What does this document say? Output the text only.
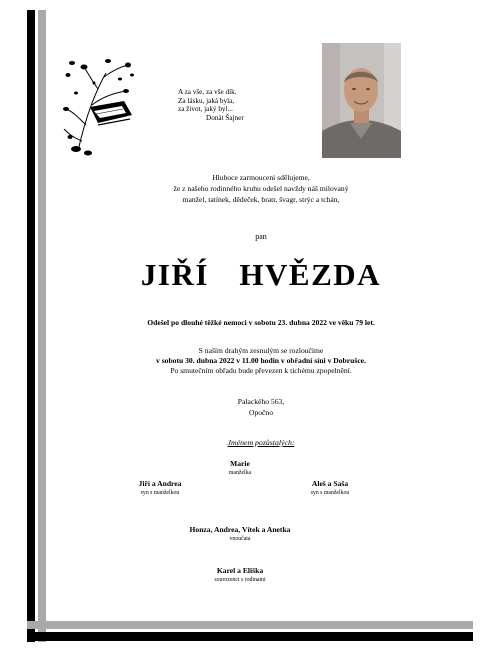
A za vše, za vše dík.
Za lásku, jaká byla,
za život, jaký byl...
Donát Šajner
Hluboce zarmouceni sdělujeme,
že z našeho rodinného kruhu odešel navždy náš milovaný
manžel, tatínek, dědeček, bratr, švagr, strýc a tchán,
pan
JIŘÍ  HVĚZDA
Odešel po dlouhé těžké nemoci v sobotu 23. dubna 2022 ve věku 79 let.
S naším drahým zesnulým se rozloučíme
v sobotu 30. dubna 2022 v 11.00 hodin v obřadní síni v Dobrušce.
Po smutečním obřadu bude převezen k tichému zpopelnění.
Palackého 563,
Opočno
Jménem pozůstalých:
Marie
manželka
Jiří a Andrea
syn s manželkou
Aleš a Saša
syn s manželkou
Honza, Andrea, Vítek a Anetka
vnoučata
Karel a Eliška
sourozenci s rodinami
